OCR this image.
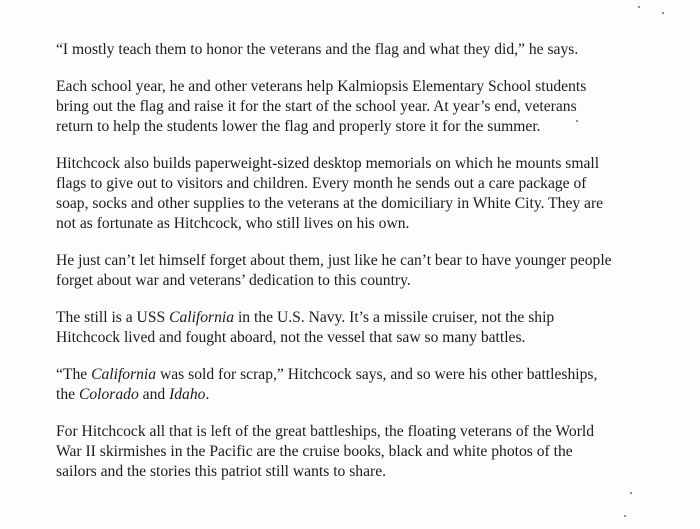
“I mostly teach them to honor the veterans and the flag and what they did,” he says.

Each school year, he and other veterans help Kalmiopsis Elementary School students
bring out the flag and raise it for the start of the school year. At year’s end, veterans
return to help the students lower the flag and properly store it for the summer.

Hitchcock also builds paperweight-sized desktop memorials on which he mounts small
flags to give out to visitors and children. Every month he sends out a care package of
soap, socks and other supplies to the veterans at the domiciliary in White City. They are
not as fortunate as Hitchcock, who still lives on his own.

He just can’t let himself forget about them, just like he can’t bear to have younger people
forget about war and veterans’ dedication to this country.

The still is a USS California in the U.S. Navy. It’s a missile cruiser, not the ship
Hitchcock lived and fought aboard, not the vessel that saw so many battles.

“The California was sold for scrap,” Hitchcock says, and so were his other battleships,
the Colorado and Idaho.

For Hitchcock all that is left of the great battleships, the floating veterans of the World
War II skirmishes in the Pacific are the cruise books, black and white photos of the
sailors and the stories this patriot still wants to share.
